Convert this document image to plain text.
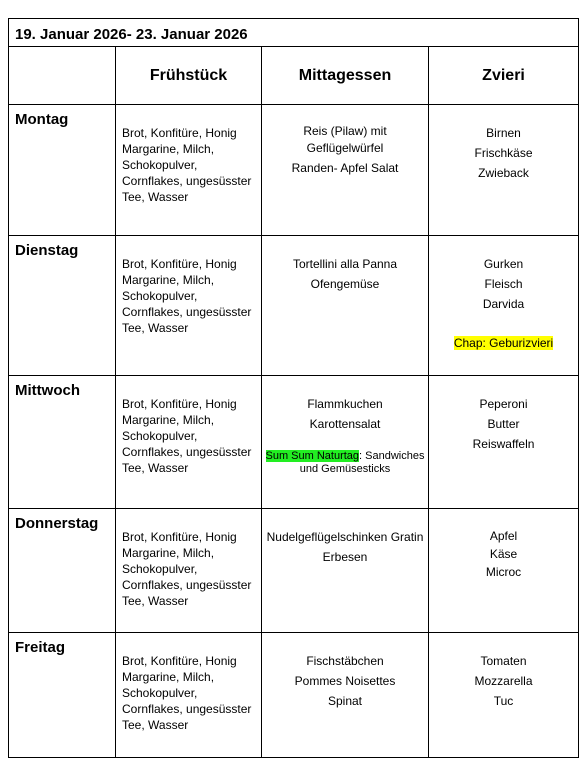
19. Januar 2026- 23. Januar 2026			
	Frühstück	Mittagessen	Zvieri
Montag	Brot, Konfitüre, Honig
Margarine, Milch,
Schokopulver,
Cornflakes, ungesüsster
Tee, Wasser	Reis (Pilaw) mit
Geflügelwürfel
Randen- Apfel Salat	Birnen
Frischkäse
Zwieback

Dienstag	Brot, Konfitüre, Honig
Margarine, Milch,
Schokopulver,
Cornflakes, ungesüsster
Tee, Wasser	Tortellini alla Panna
Ofengemüse	Gurken
Fleisch
Darvida
Chap: Geburizvieri

Mittwoch	Brot, Konfitüre, Honig
Margarine, Milch,
Schokopulver,
Cornflakes, ungesüsster
Tee, Wasser	Flammkuchen
Karottensalat
Sum Sum Naturtag: Sandwiches
und Gemüsesticks	Peperoni
Butter
Reiswaffeln

Donnerstag	Brot, Konfitüre, Honig
Margarine, Milch,
Schokopulver,
Cornflakes, ungesüsster
Tee, Wasser	Nudelgeflügelschinken Gratin
Erbesen	Apfel
Käse
Microc

Freitag	Brot, Konfitüre, Honig
Margarine, Milch,
Schokopulver,
Cornflakes, ungesüsster
Tee, Wasser	Fischstäbchen
Pommes Noisettes
Spinat	Tomaten
Mozzarella
Tuc
